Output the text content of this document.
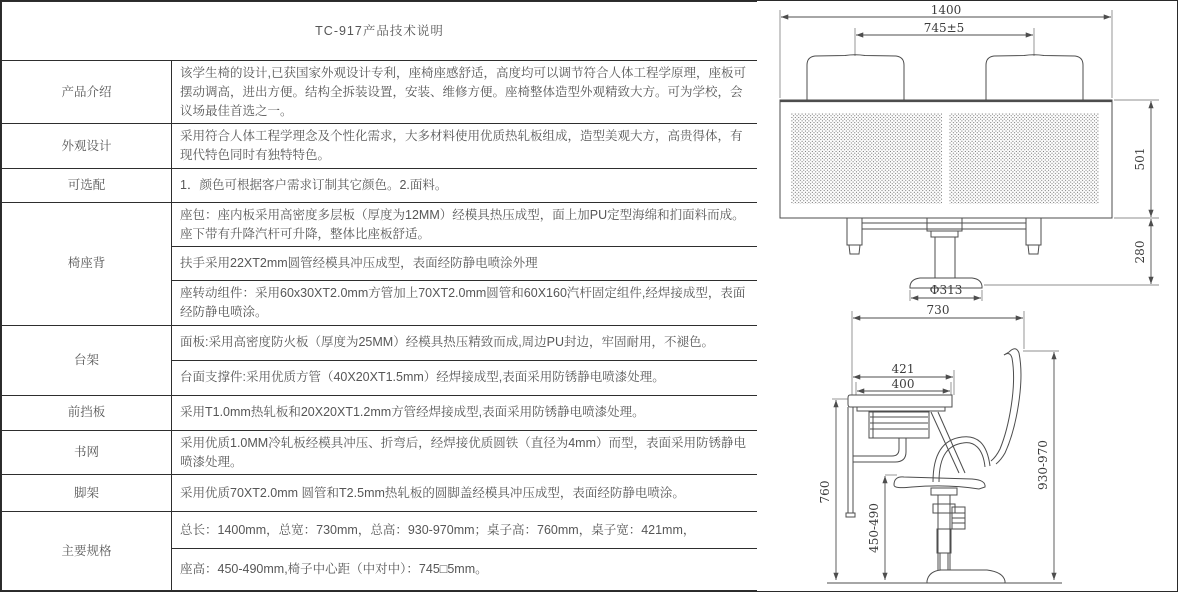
TC-917产品技术说明	
产品介绍	该学生椅的设计,已获国家外观设计专利，座椅座感舒适，高度均可以调节符合人体工程学原理，座板可摆动调高，进出方便。结构全拆装设置，安装、维修方便。座椅整体造型外观精致大方。可为学校，会议场最佳首选之一。
外观设计	采用符合人体工程学理念及个性化需求，大多材料使用优质热轧板组成，造型美观大方，高贵得体，有现代特色同时有独特特色。
可选配	1．颜色可根据客户需求订制其它颜色。2.面料。
椅座背	座包：座内板采用高密度多层板（厚度为12MM）经模具热压成型，面上加PU定型海绵和扪面料而成。座下带有升降汽杆可升降，整体比座板舒适。
	扶手采用22XT2mm圆管经模具冲压成型，表面经防静电喷涂外理
	座转动组件：采用60x30XT2.0mm方管加上70XT2.0mm圆管和60X160汽杆固定组件,经焊接成型，表面经防静电喷涂。
台架	面板:采用高密度防火板（厚度为25MM）经模具热压精致而成,周边PU封边，牢固耐用，不褪色。
	台面支撑件:采用优质方管（40X20XT1.5mm）经焊接成型,表面采用防锈静电喷漆处理。
前挡板	采用T1.0mm热轧板和20X20XT1.2mm方管经焊接成型,表面采用防锈静电喷漆处理。
书网	采用优质1.0MM冷轧板经模具冲压、折弯后，经焊接优质圆铁（直径为4mm）而型，表面采用防锈静电喷漆处理。
脚架	采用优质70XT2.0mm 圆管和T2.5mm热轧板的圆脚盖经模具冲压成型，表面经防静电喷涂。
主要规格	总长：1400mm，总宽：730mm，总高：930-970mm；桌子高：760mm，桌子宽：421mm，
	座高：450-490mm,椅子中心距（中对中）：745□5mm。
1400
745±5
Φ313
501
280
730
421
400
760
450-490
930-970
